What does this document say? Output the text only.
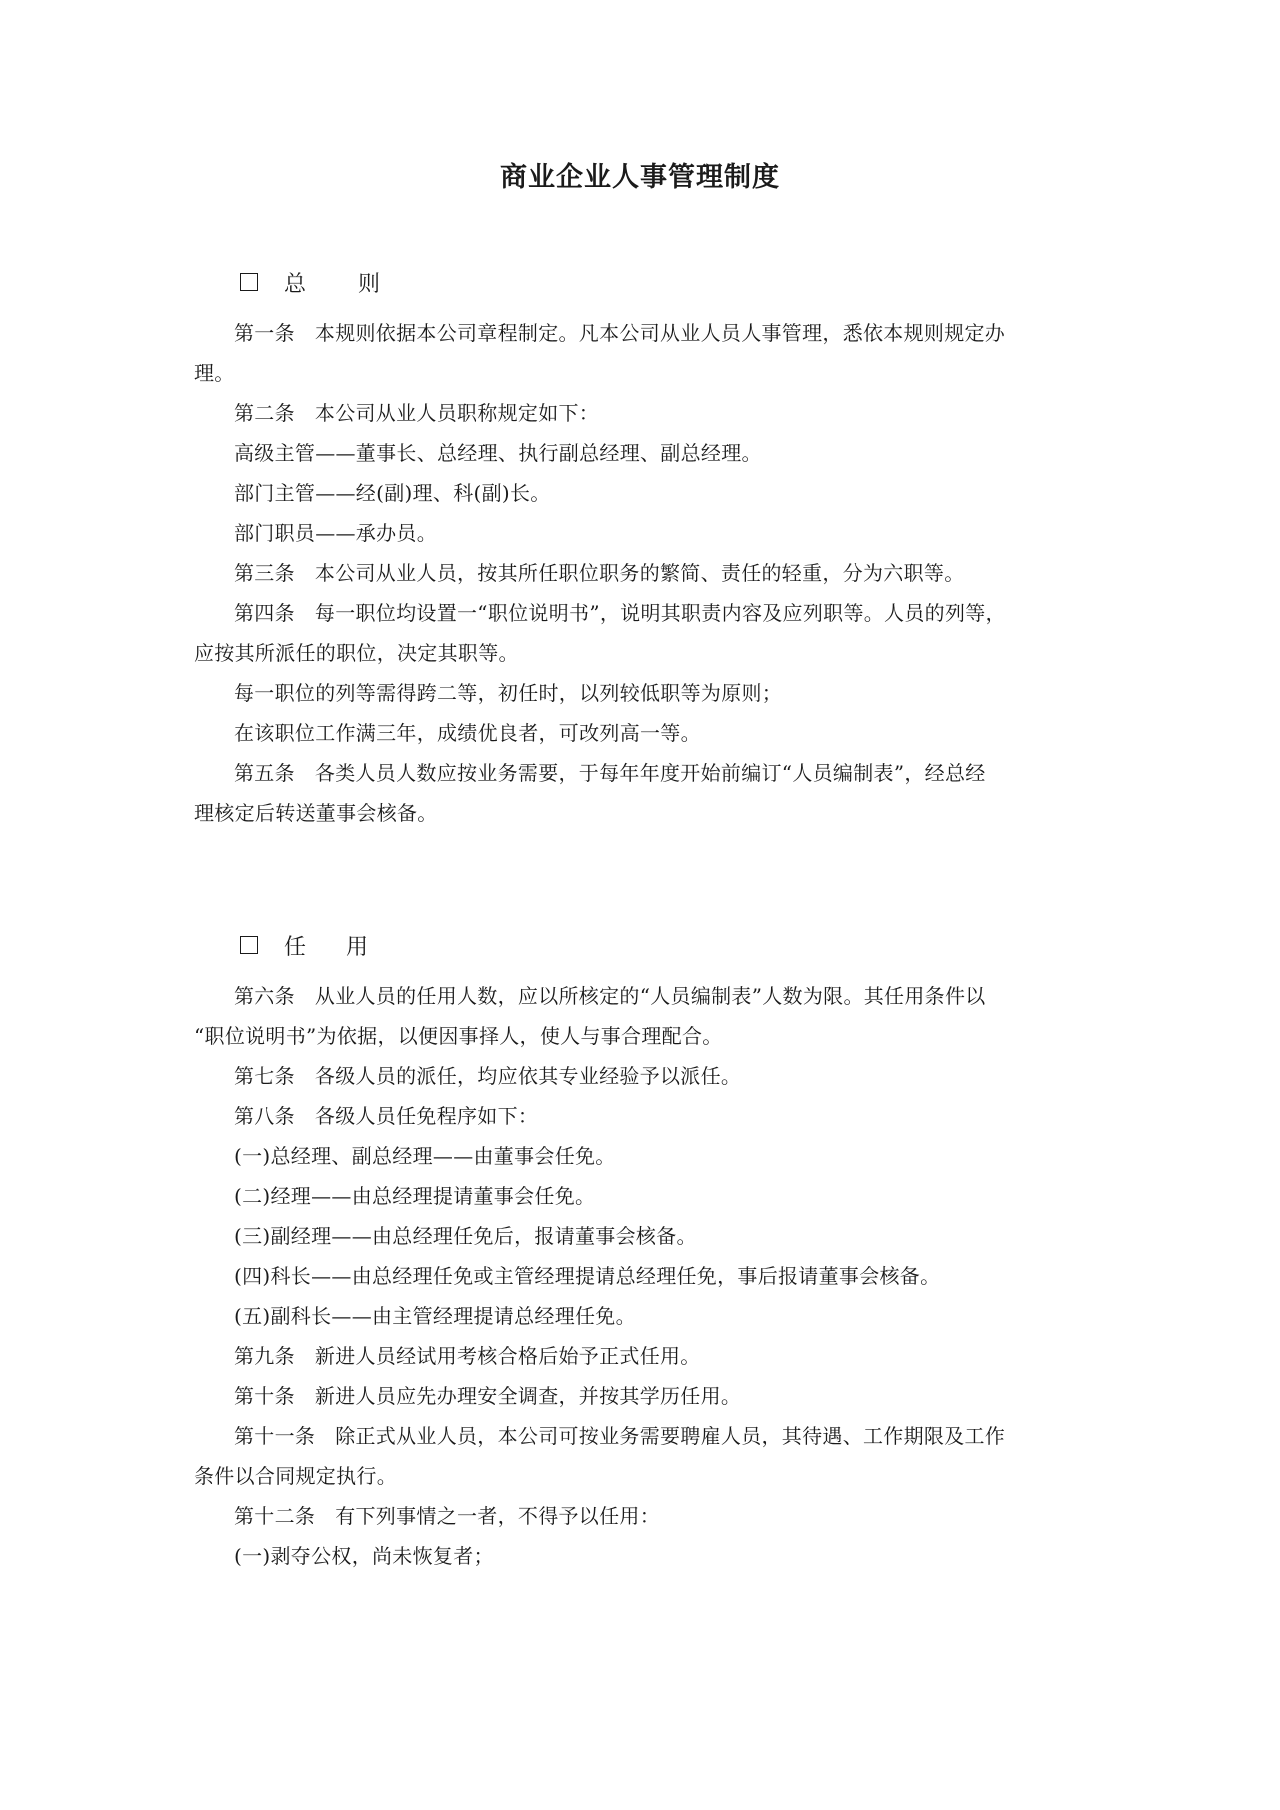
商业企业人事管理制度
总 则

第一条 本规则依据本公司章程制定。凡本公司从业人员人事管理，悉依本规则规定办

理。

第二条 本公司从业人员职称规定如下：

高级主管——董事长、总经理、执行副总经理、副总经理。

部门主管——经(副)理、科(副)长。

部门职员——承办员。

第三条 本公司从业人员，按其所任职位职务的繁简、责任的轻重，分为六职等。

第四条 每一职位均设置一“职位说明书”，说明其职责内容及应列职等。人员的列等，

应按其所派任的职位，决定其职等。

每一职位的列等需得跨二等，初任时，以列较低职等为原则；

在该职位工作满三年，成绩优良者，可改列高一等。

第五条 各类人员人数应按业务需要，于每年年度开始前编订“人员编制表”，经总经

理核定后转送董事会核备。

任 用

第六条 从业人员的任用人数，应以所核定的“人员编制表”人数为限。其任用条件以

“职位说明书”为依据，以便因事择人，使人与事合理配合。

第七条 各级人员的派任，均应依其专业经验予以派任。

第八条 各级人员任免程序如下：

(一)总经理、副总经理——由董事会任免。

(二)经理——由总经理提请董事会任免。

(三)副经理——由总经理任免后，报请董事会核备。

(四)科长——由总经理任免或主管经理提请总经理任免，事后报请董事会核备。

(五)副科长——由主管经理提请总经理任免。

第九条 新进人员经试用考核合格后始予正式任用。

第十条 新进人员应先办理安全调查，并按其学历任用。

第十一条 除正式从业人员，本公司可按业务需要聘雇人员，其待遇、工作期限及工作

条件以合同规定执行。

第十二条 有下列事情之一者，不得予以任用：

(一)剥夺公权，尚未恢复者；
